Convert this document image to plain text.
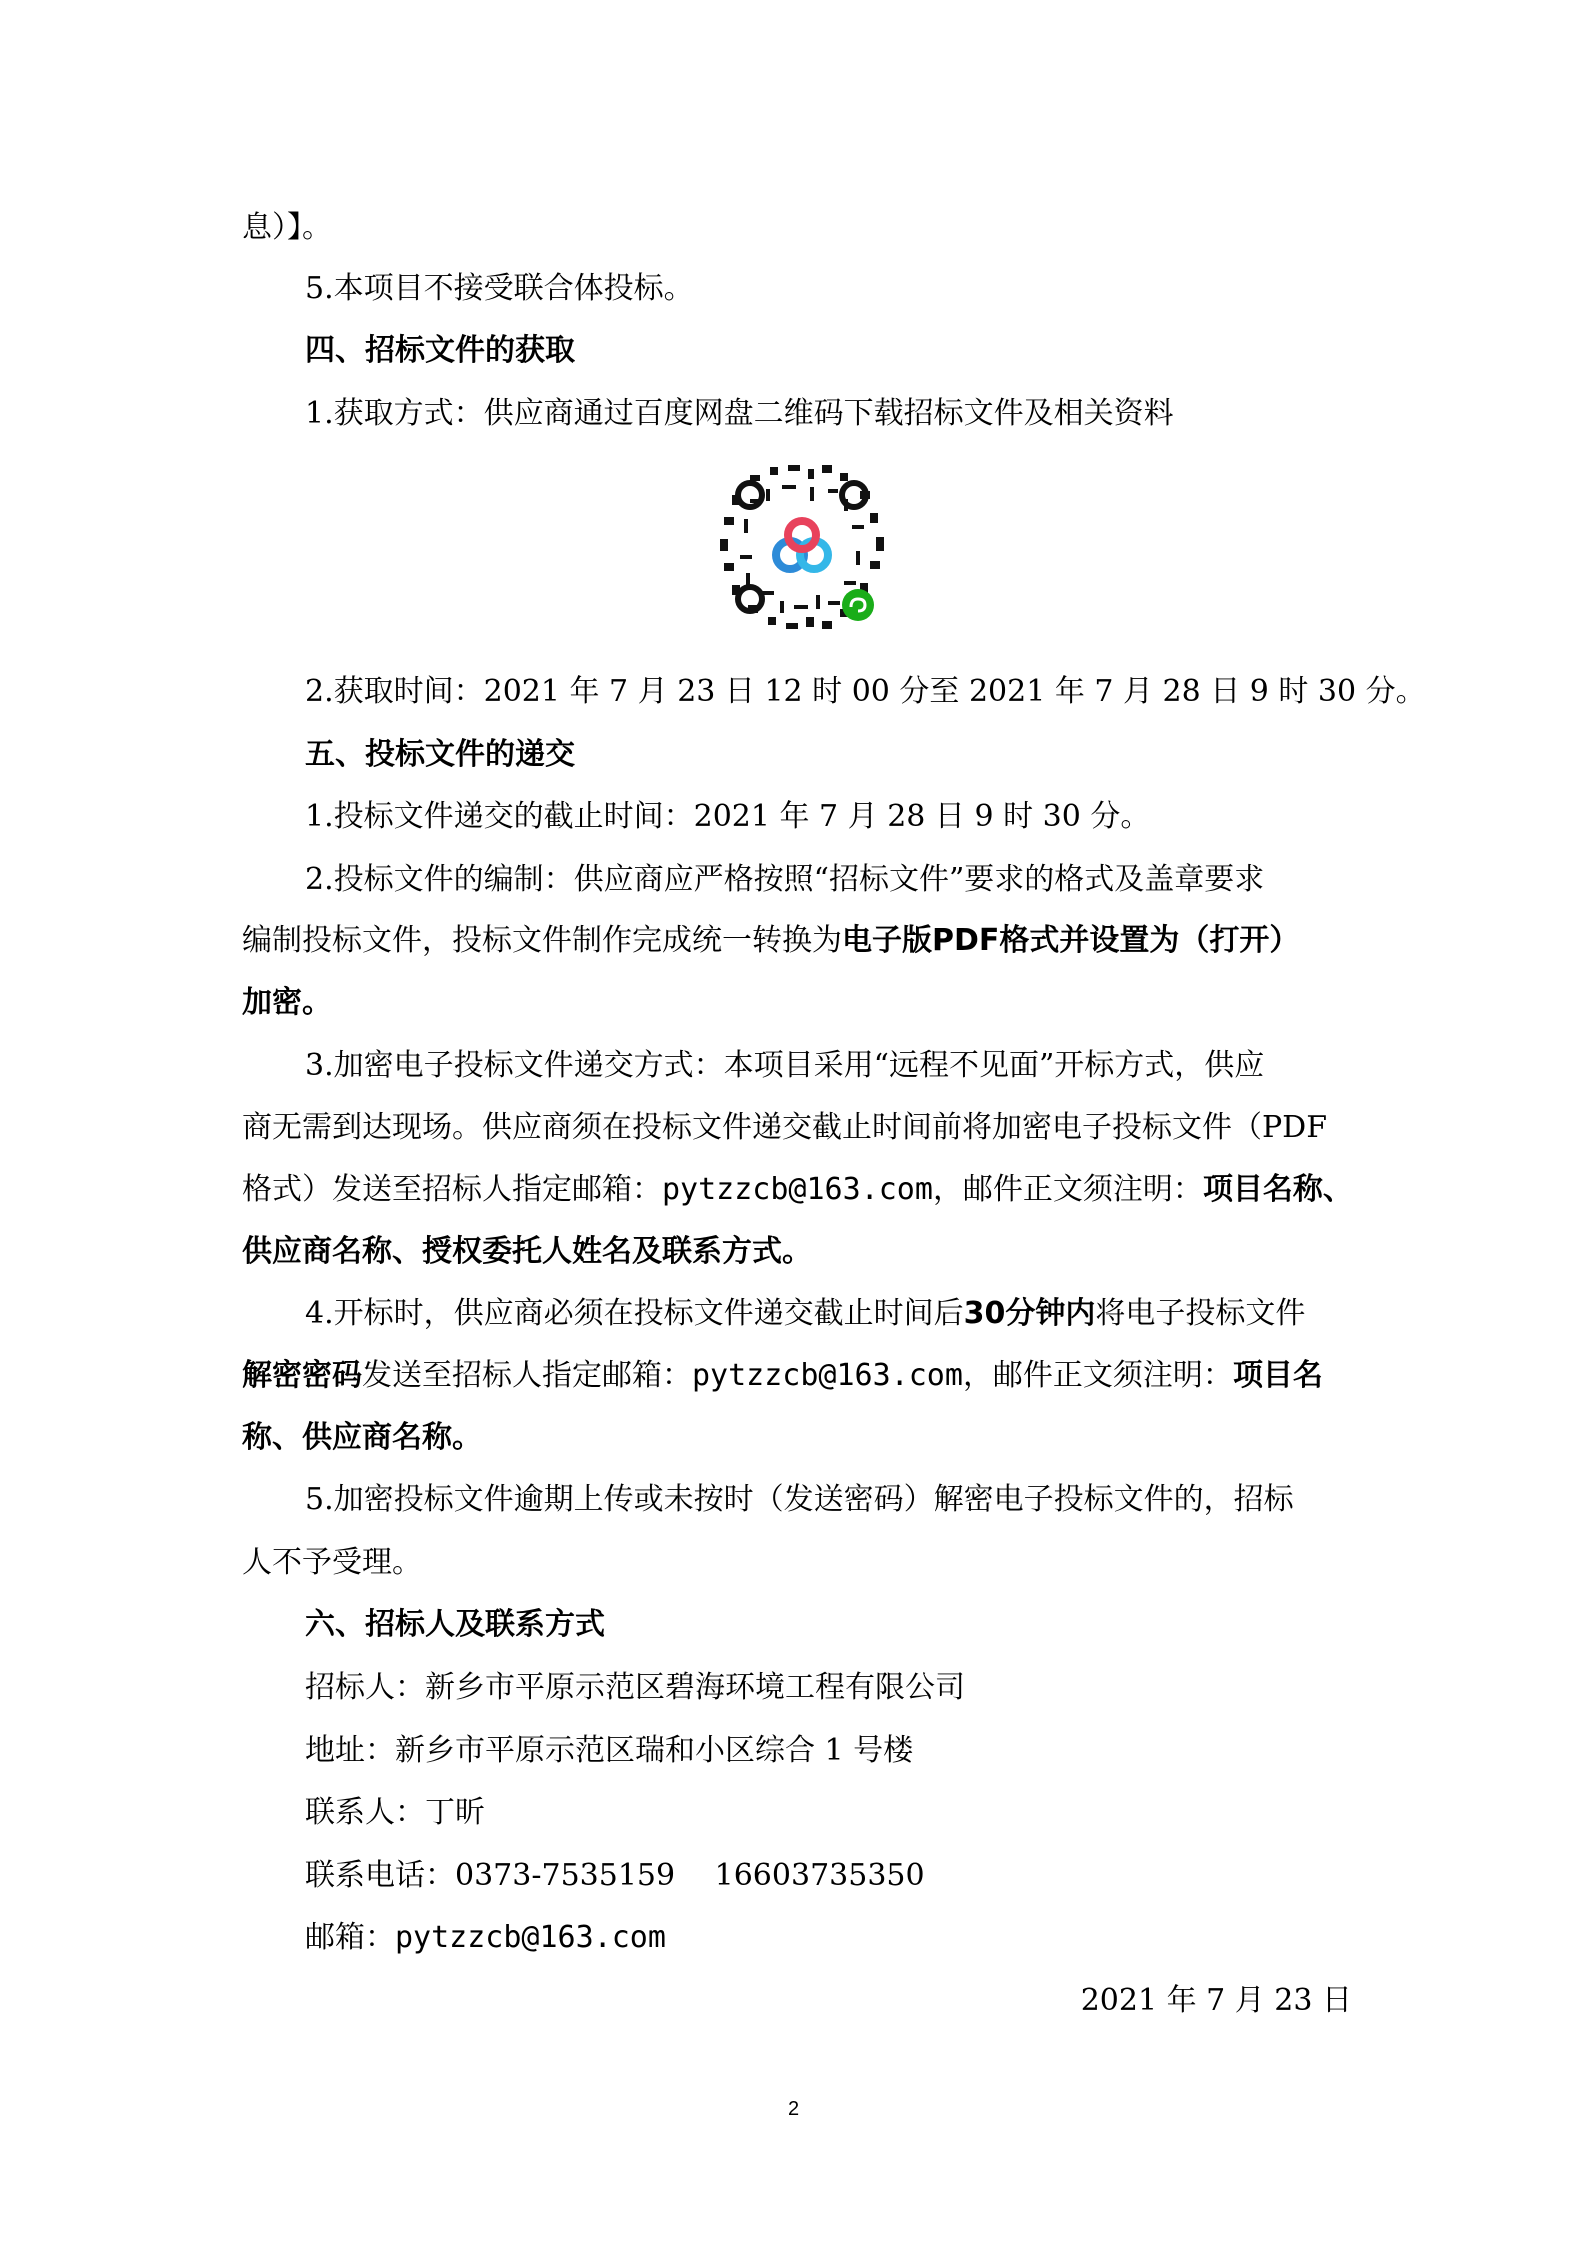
息）】。
5.本项目不接受联合体投标。
四、招标文件的获取
1.获取方式：供应商通过百度网盘二维码下载招标文件及相关资料
2.获取时间：2021 年 7 月 23 日 12 时 00 分至 2021 年 7 月 28 日 9 时 30 分。
五、投标文件的递交
1.投标文件递交的截止时间：2021 年 7 月 28 日 9 时 30 分。
2.投标文件的编制：供应商应严格按照“招标文件”要求的格式及盖章要求
编制投标文件，投标文件制作完成统一转换为电子版PDF格式并设置为（打开）
加密。
3.加密电子投标文件递交方式：本项目采用“远程不见面”开标方式，供应
商无需到达现场。供应商须在投标文件递交截止时间前将加密电子投标文件（PDF
格式）发送至招标人指定邮箱：pytzzcb@163.com，邮件正文须注明：项目名称、
供应商名称、授权委托人姓名及联系方式。
4.开标时，供应商必须在投标文件递交截止时间后30分钟内将电子投标文件
解密密码发送至招标人指定邮箱：pytzzcb@163.com，邮件正文须注明：项目名
称、供应商名称。
5.加密投标文件逾期上传或未按时（发送密码）解密电子投标文件的，招标
人不予受理。
六、招标人及联系方式
招标人：新乡市平原示范区碧海环境工程有限公司
地址：新乡市平原示范区瑞和小区综合 1 号楼
联系人：丁昕
联系电话：0373-7535159　 16603735350
邮箱：pytzzcb@163.com
2021 年 7 月 23 日
2
